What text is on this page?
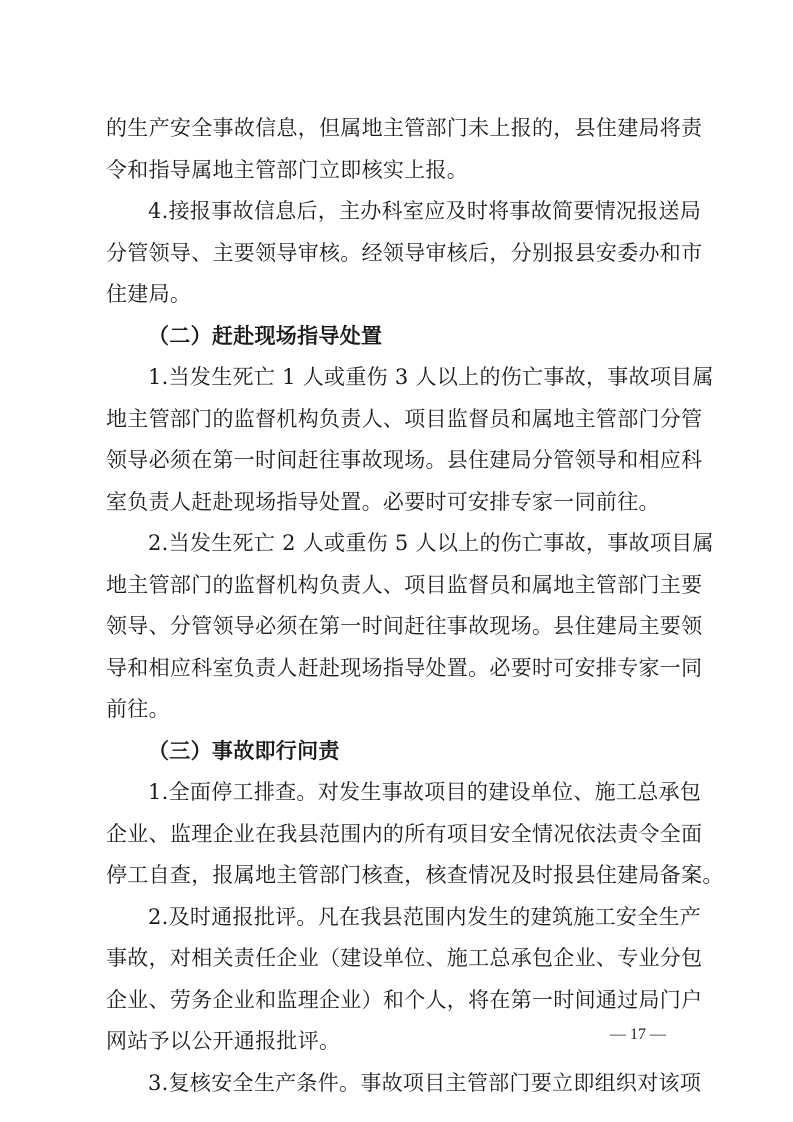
的生产安全事故信息，但属地主管部门未上报的，县住建局将责
令和指导属地主管部门立即核实上报。
4.接报事故信息后，主办科室应及时将事故简要情况报送局
分管领导、主要领导审核。经领导审核后，分别报县安委办和市
住建局。
（二）赶赴现场指导处置
1.当发生死亡 1 人或重伤 3 人以上的伤亡事故，事故项目属
地主管部门的监督机构负责人、项目监督员和属地主管部门分管
领导必须在第一时间赶往事故现场。县住建局分管领导和相应科
室负责人赶赴现场指导处置。必要时可安排专家一同前往。
2.当发生死亡 2 人或重伤 5 人以上的伤亡事故，事故项目属
地主管部门的监督机构负责人、项目监督员和属地主管部门主要
领导、分管领导必须在第一时间赶往事故现场。县住建局主要领
导和相应科室负责人赶赴现场指导处置。必要时可安排专家一同
前往。
（三）事故即行问责
1.全面停工排查。对发生事故项目的建设单位、施工总承包
企业、监理企业在我县范围内的所有项目安全情况依法责令全面
停工自查，报属地主管部门核查，核查情况及时报县住建局备案。
2.及时通报批评。凡在我县范围内发生的建筑施工安全生产
事故，对相关责任企业（建设单位、施工总承包企业、专业分包
企业、劳务企业和监理企业）和个人，将在第一时间通过局门户
网站予以公开通报批评。
3.复核安全生产条件。事故项目主管部门要立即组织对该项
— 17 —
